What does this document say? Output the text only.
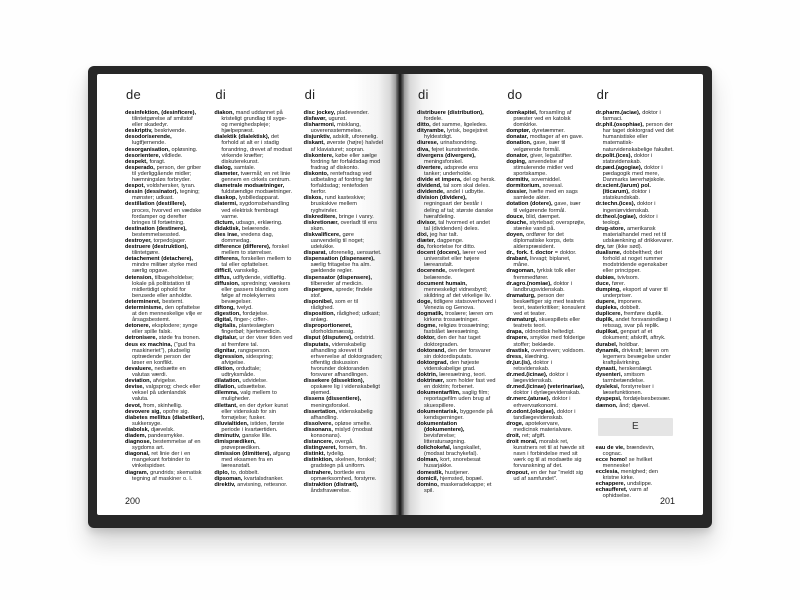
de

desinfektion, (desinficere), tilintetgørelse af smitstof eller skadedyr.

deskriptiv, beskrivende.

desodoriserende, lugtfjernende.

desorganisation, opløsning.

desorientere, vildlede.

despekt, foragt.

desperado, person, der griber til yderliggående midler; hæmningsløs forbryder.

despot, voldshersker, tyran.

dessin (dessinator), tegning; mønster; udkast.

destillation (destillere), proces, hvorved en vædske fordamper og derefter bringes til fortætning.

destination (destinere), bestemmelsessted.

destroyer, torpedojager.

destruere (destruktion), tilintetgøre.

detachement (detachere), mindre militær styrke med særlig opgave.

detension, tilbageholdelse; lokale på politistation til midlertidigt ophold for berusede eller anholdte.

determineret, bestemt.

determinisme, den opfattelse at den menneskelige vilje er årsagsbestemt.

detonere, eksplodere; synge eller spille falsk.

detronisere, støde fra tronen.

deus ex machina, ("gud fra maskineriet"), pludselig optrædende person der løser en konflikt.

devaluere, nedsætte en valutas værdi.

deviation, afvigelse.

devise, valgsprog; check eller veksel på udenlandsk valuta.

devot, from, skinhellig.

devovere sig, opofre sig.

diabetes mellitus (diabetiker), sukkersyge.

diabolsk, djævelsk.

diadem, pandesmykke.

diagnose, bestemmelse af en sygdoms art.

diagonal, ret linie der i en mangekant forbinder to vinkelspidser.

diagram, grundrids; skematisk tegning af maskiner o. l.

di

diakon, mand uddannet på kristeligt grundlag til syge- og menighedspleje; hjælpepræst.

dialektik (dialektisk), det forhold at alt er i stadig forandring, drevet af modsat virkende kræfter; diskuterekunst.

dialog, samtale.

diameter, tværmål; en ret linie gennem en cirkels centrum.

diametrale modsætninger, fuldstændige modsætninger.

diaskop, lysbilledapparat.

diatermi, sygdomsbehandling ved elektrisk frembragt varme.

dictum, udsagn, erklæring.

didaktisk, belærende.

dies irae, vredens dag, dommedag.

difference (differere), forskel mellem to størrelser.

differens, forskellen mellem to tal eller opfattelser.

difficil, vanskelig.

diffus, udflydende, vidtløftig.

diffusion, spredning; væskers eller gassers blanding som følge af molekylernes bevægelser.

diftong, tvelyd.

digestion, fordøjelse.

digital, finger-; ciffer-.

digitalis, planteslægten fingerbøl; hjertemedicin.

digitalur, ur der viser tiden ved at fremføre tal.

dignitar, rangsperson.

digression, sidespring; afvigelse.

diktion, ordudtale; udtryksmåde.

dilatation, udvidelse.

dilation, udsættelse.

dilemma, valg mellem to muligheder.

dilettant, en der dyrker kunst eller videnskab for sin fornøjelse; fusker.

diluvialtiden, istiden, første periode i kvartærtiden.

diminutiv, ganske lille.

dimisprædiken, prøveprædiken.

dimission (dimittere), afgang med eksamen fra en læreanstalt.

diplo, to, dobbelt.

dipsoman, kvartalsdranker.

direktiv, anvisning, rettesnor.

di

disc jockey, pladevender.

disfavør, ugunst.

disharmoni, misklang, uoverensstemmelse.

disjunktiv, adskilt, uforenelig.

diskant, øverste (højre) halvdel af klaviaturet; sopran.

diskontere, købe eller sælge fordring før forfaldsdag mod fradrag af diskonto.

diskonto, rentefradrag ved udbetaling af fordring før forfaldsdag; rentefoden herfor.

diskos, rund kasteskive; bruskskive mellem ryghvirvler.

diskreditere, bringe i vanry.

diskretionær, overladt til ens skøn.

diskvalificere, gøre uanvendelig til noget; udelukke.

disparat, uforenelig, uensartet.

dispensation (dispensere), særlig fritagelse fra alm. gældende regler.

dispensator (dispensere), tilbereder af medicin.

dispergere, sprede; findele stof.

disponibel, som er til rådighed.

disposition, rådighed; udkast; anlæg.

disproportioneret, uforholdsmæssig.

disput (disputere), ordstrid.

disputats, videnskabelig afhandling skrevet til erhvervelse af doktorgraden; offentlig diskussion hvorunder doktoranden forsvarer afhandlingen.

dissekere (dissektion), opskære lig i videnskabeligt øjemed.

dissens (dissentiere), meningsforskel.

dissertation, videnskabelig afhandling.

dissolvere, opløse smelte.

dissonans, mislyd (modsat konsonans).

distancere, overgå.

distingveret, fornem, fin.

distinkt, tydelig.

distinktion, skelnen, forskel; gradstegn på uniform.

distrahere, bortlede ens opmærksomhed, forstyrre.

distraktion (distræt), åndsfraværelse.

200
di

distribuere (distribution), fordele.

ditto, det samme, ligeledes.

dityrambe, lyrisk, begejstret hyldestdigt.

diurese, urinafsondring.

diva, fejret kunstnerinde.

divergens (divergere), meningsforskel.

divertere, adsprede ens tanker; underholde.

divide et impera, del og hersk.

dividend, tal som skal deles.

dividende, andel i udbytte.

division (dividere), regningsart der består i deling af tal; største danske hærafdeling.

divisor, tal hvormed et andet tal (dividenden) deles.

dixi, jeg har talt.

diæter, dagpenge.

do, forkortelse for ditto.

docent (docere), lærer ved universitet eller højere læreanstalt.

docerende, overlegent belærende.

document humain, menneskeligt vidnesbyrd; skildring af det virkelige liv.

doge, tidligere statsoverhoved i Venezia og Genova.

dogmatik, troslære; læren om kirkens trossætninger.

dogme, religiøs trossætning; fastslået læresætning.

doktor, den der har taget doktorgraden.

doktorand, den der forsvarer sin doktordisputats.

doktorgrad, den højeste videnskabelige grad.

doktrin, læresætning, teori.

doktrinær, som holder fast ved en doktrin; forbenet.

dokumentarfilm, saglig film; reportagefilm uden brug af skuespillere.

dokumentarisk, byggende på kendsgerninger.

dokumentation (dokumentere), bevisførelse; litteratursøgning.

dolichokefal, langskallet, (modsat brachykefal).

dolman, kort, snorebesat husarjakke.

domestik, hustjener.

domicil, hjemsted, bopæl.

domino, maskeradekappe; et spil.

do

domkapitel, forsamling af præster ved en katolsk domkirke.

domptør, dyretæmmer.

donatar, modtager af en gave.

donation, gave, især til velgørende formål.

donator, giver, legatstifter.

doping, anvendelse af stimulerende midler ved sportskampe.

dormitiv, sovemiddel.

dormitorium, sovesal.

dossier, hæfte med en sags samlede akter.

dotation (dotere), gave, især til velgørende formål.

douce, blid, dæmpet.

douche, styrtebad; oversprøjte, stænke vand på.

doyen, ordfører for det diplomatiske korps, dets alderspræsident.

dr., fork. f. doctor = doktor.

drabant, livvagt; biplanet, måne.

dragoman, tyrkisk tolk eller fremmedfører.

dr.agro.(nomiae), doktor i landbrugsvidenskab.

dramaturg, person der beskæftiger sig med teatrets teori, teaterkritiker; konsulent ved et teater.

dramaturgi, skuespillets eller teatrets teori.

drapa, oldnordisk heltedigt.

drapere, smykke med folderige stoffer; beklæde.

drastisk, overdreven; voldsom.

dress, klædning.

dr.jur.(is), doktor i retsvidenskab.

dr.med.(icinae), doktor i lægevidenskab.

dr.med.(icinae) (veterinariae), doktor i dyrlægevidenskab.

dr.merc.(aturae), doktor i erhvervsøkonomi.

dr.odont.(ologiae), doktor i tandlægevidenskab.

droge, apotekervare, medicinsk materialvare.

droit, ret; afgift.

droit moral, moralsk ret, kunstners ret til at hævde sit navn i forbindelse med sit værk og til at modsætte sig forvanskning af det.

dropout, en der har "meldt sig ud af samfundet".

dr

dr.pharm.(aciae), doktor i farmaci.

dr.phil.(osophiae), person der har taget doktorgrad ved det humanistiske eller matematisk-naturvidenskabelige fakultet.

dr.polit.(ices), doktor i statsvidenskab.

dr.pæd.(agogiae), doktor i pædagogik med mere, Danmarks lærerhøjskole.

dr.scient.(iarum) pol.(iticarum), doktor i statskundskab.

dr.techn.(ices), doktor i ingeniørvidenskab.

dr.theol.(ogiae), doktor i teologi.

drug-store, amerikansk materialhandel med ret til udskænkning af drikkevarer.

dry, tør (ikke sød).

dualisme, dobbelthed; det forhold at noget rummer modstridende egenskaber eller principper.

dubiøs, tvivlsom.

duce, fører.

dumping, eksport af varer til underpriser.

dupere, imponere.

dupleks, dobbelt.

duplicere, fremføre duplik.

duplik, andet forsvarsindlæg i retssag, svar på replik.

duplikat, genpart af et dokument; afskrift, aftryk.

durabel, holdbar.

dynamik, drivkraft; læren om legemers bevægelse under kraftpåvirkning.

dynasti, herskerslægt.

dysenteri, smitsom tarmbetændelse.

dysleksi, forstyrrelser i læsefunktionen.

dyspepsi, fordøjelsesbesvær.

dæmon, ånd; djævel.

E

eau de vie, brændevin, cognac.

ecce homo! se hvilket menneske!

ecclesia, menighed; den kristne kirke.

echappere, undslippe.

echaufferet, varm af ophidselse.	201
